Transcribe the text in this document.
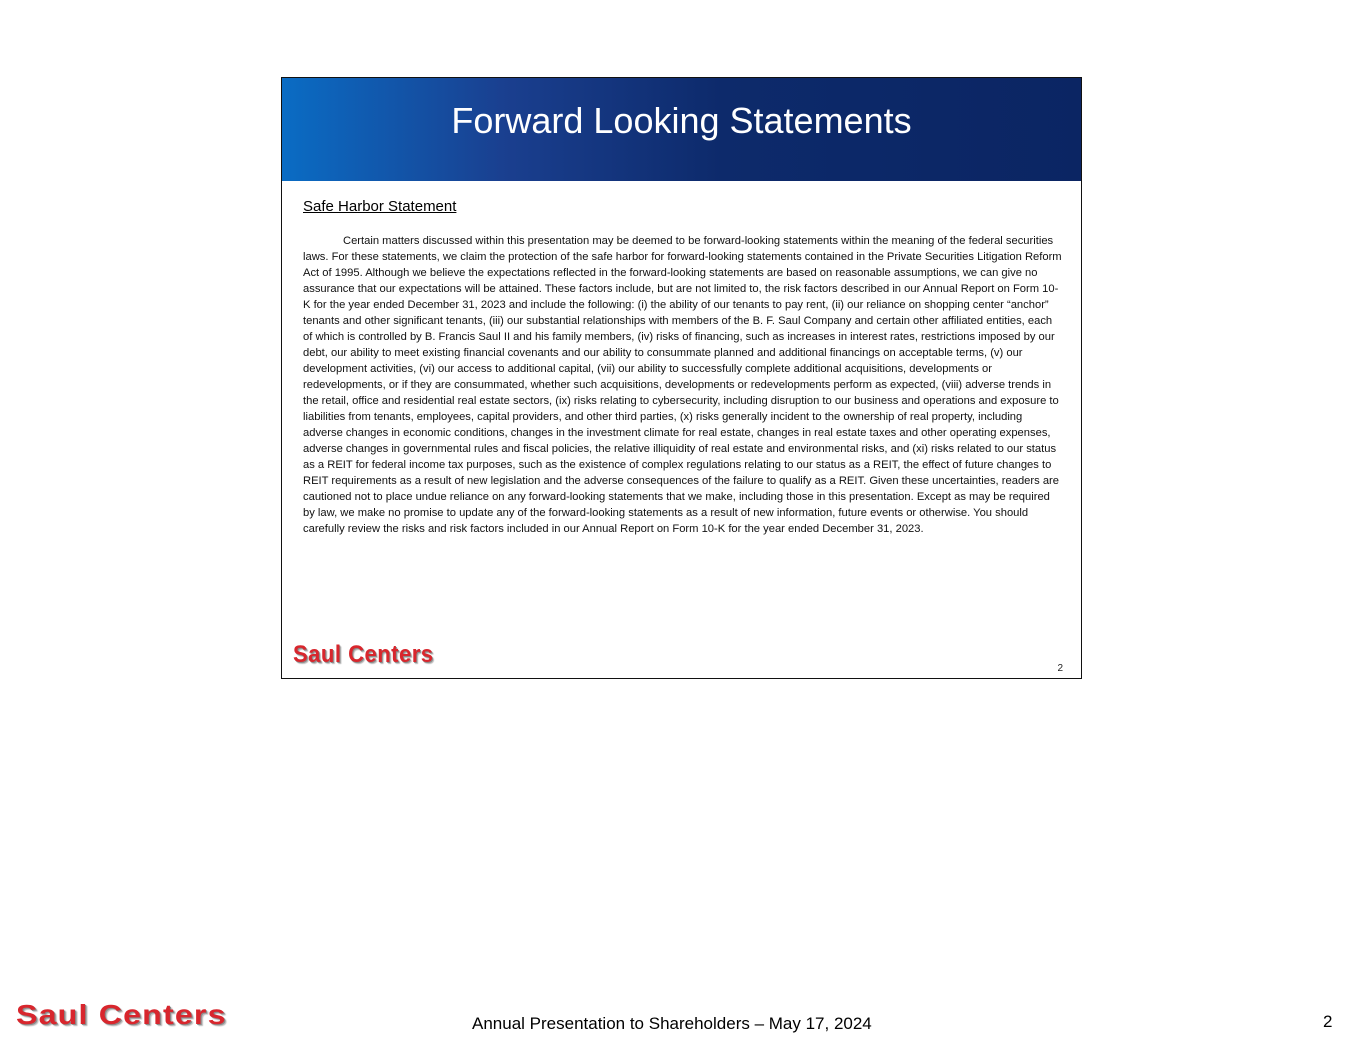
Forward Looking Statements
Safe Harbor Statement
Certain matters discussed within this presentation may be deemed to be forward-looking statements within the meaning of the federal securities laws. For these statements, we claim the protection of the safe harbor for forward-looking statements contained in the Private Securities Litigation Reform Act of 1995. Although we believe the expectations reflected in the forward-looking statements are based on reasonable assumptions, we can give no assurance that our expectations will be attained. These factors include, but are not limited to, the risk factors described in our Annual Report on Form 10-K for the year ended December 31, 2023 and include the following: (i) the ability of our tenants to pay rent, (ii) our reliance on shopping center “anchor” tenants and other significant tenants, (iii) our substantial relationships with members of the B. F. Saul Company and certain other affiliated entities, each of which is controlled by B. Francis Saul II and his family members, (iv) risks of financing, such as increases in interest rates, restrictions imposed by our debt, our ability to meet existing financial covenants and our ability to consummate planned and additional financings on acceptable terms, (v) our development activities, (vi) our access to additional capital, (vii) our ability to successfully complete additional acquisitions, developments or redevelopments, or if they are consummated, whether such acquisitions, developments or redevelopments perform as expected, (viii) adverse trends in the retail, office and residential real estate sectors, (ix) risks relating to cybersecurity, including disruption to our business and operations and exposure to liabilities from tenants, employees, capital providers, and other third parties, (x) risks generally incident to the ownership of real property, including adverse changes in economic conditions, changes in the investment climate for real estate, changes in real estate taxes and other operating expenses, adverse changes in governmental rules and fiscal policies, the relative illiquidity of real estate and environmental risks, and (xi) risks related to our status as a REIT for federal income tax purposes, such as the existence of complex regulations relating to our status as a REIT, the effect of future changes to REIT requirements as a result of new legislation and the adverse consequences of the failure to qualify as a REIT. Given these uncertainties, readers are cautioned not to place undue reliance on any forward-looking statements that we make, including those in this presentation. Except as may be required by law, we make no promise to update any of the forward-looking statements as a result of new information, future events or otherwise. You should carefully review the risks and risk factors included in our Annual Report on Form 10-K for the year ended December 31, 2023.
Saul Centers
2
Saul Centers	Annual Presentation to Shareholders – May 17, 2024	2
